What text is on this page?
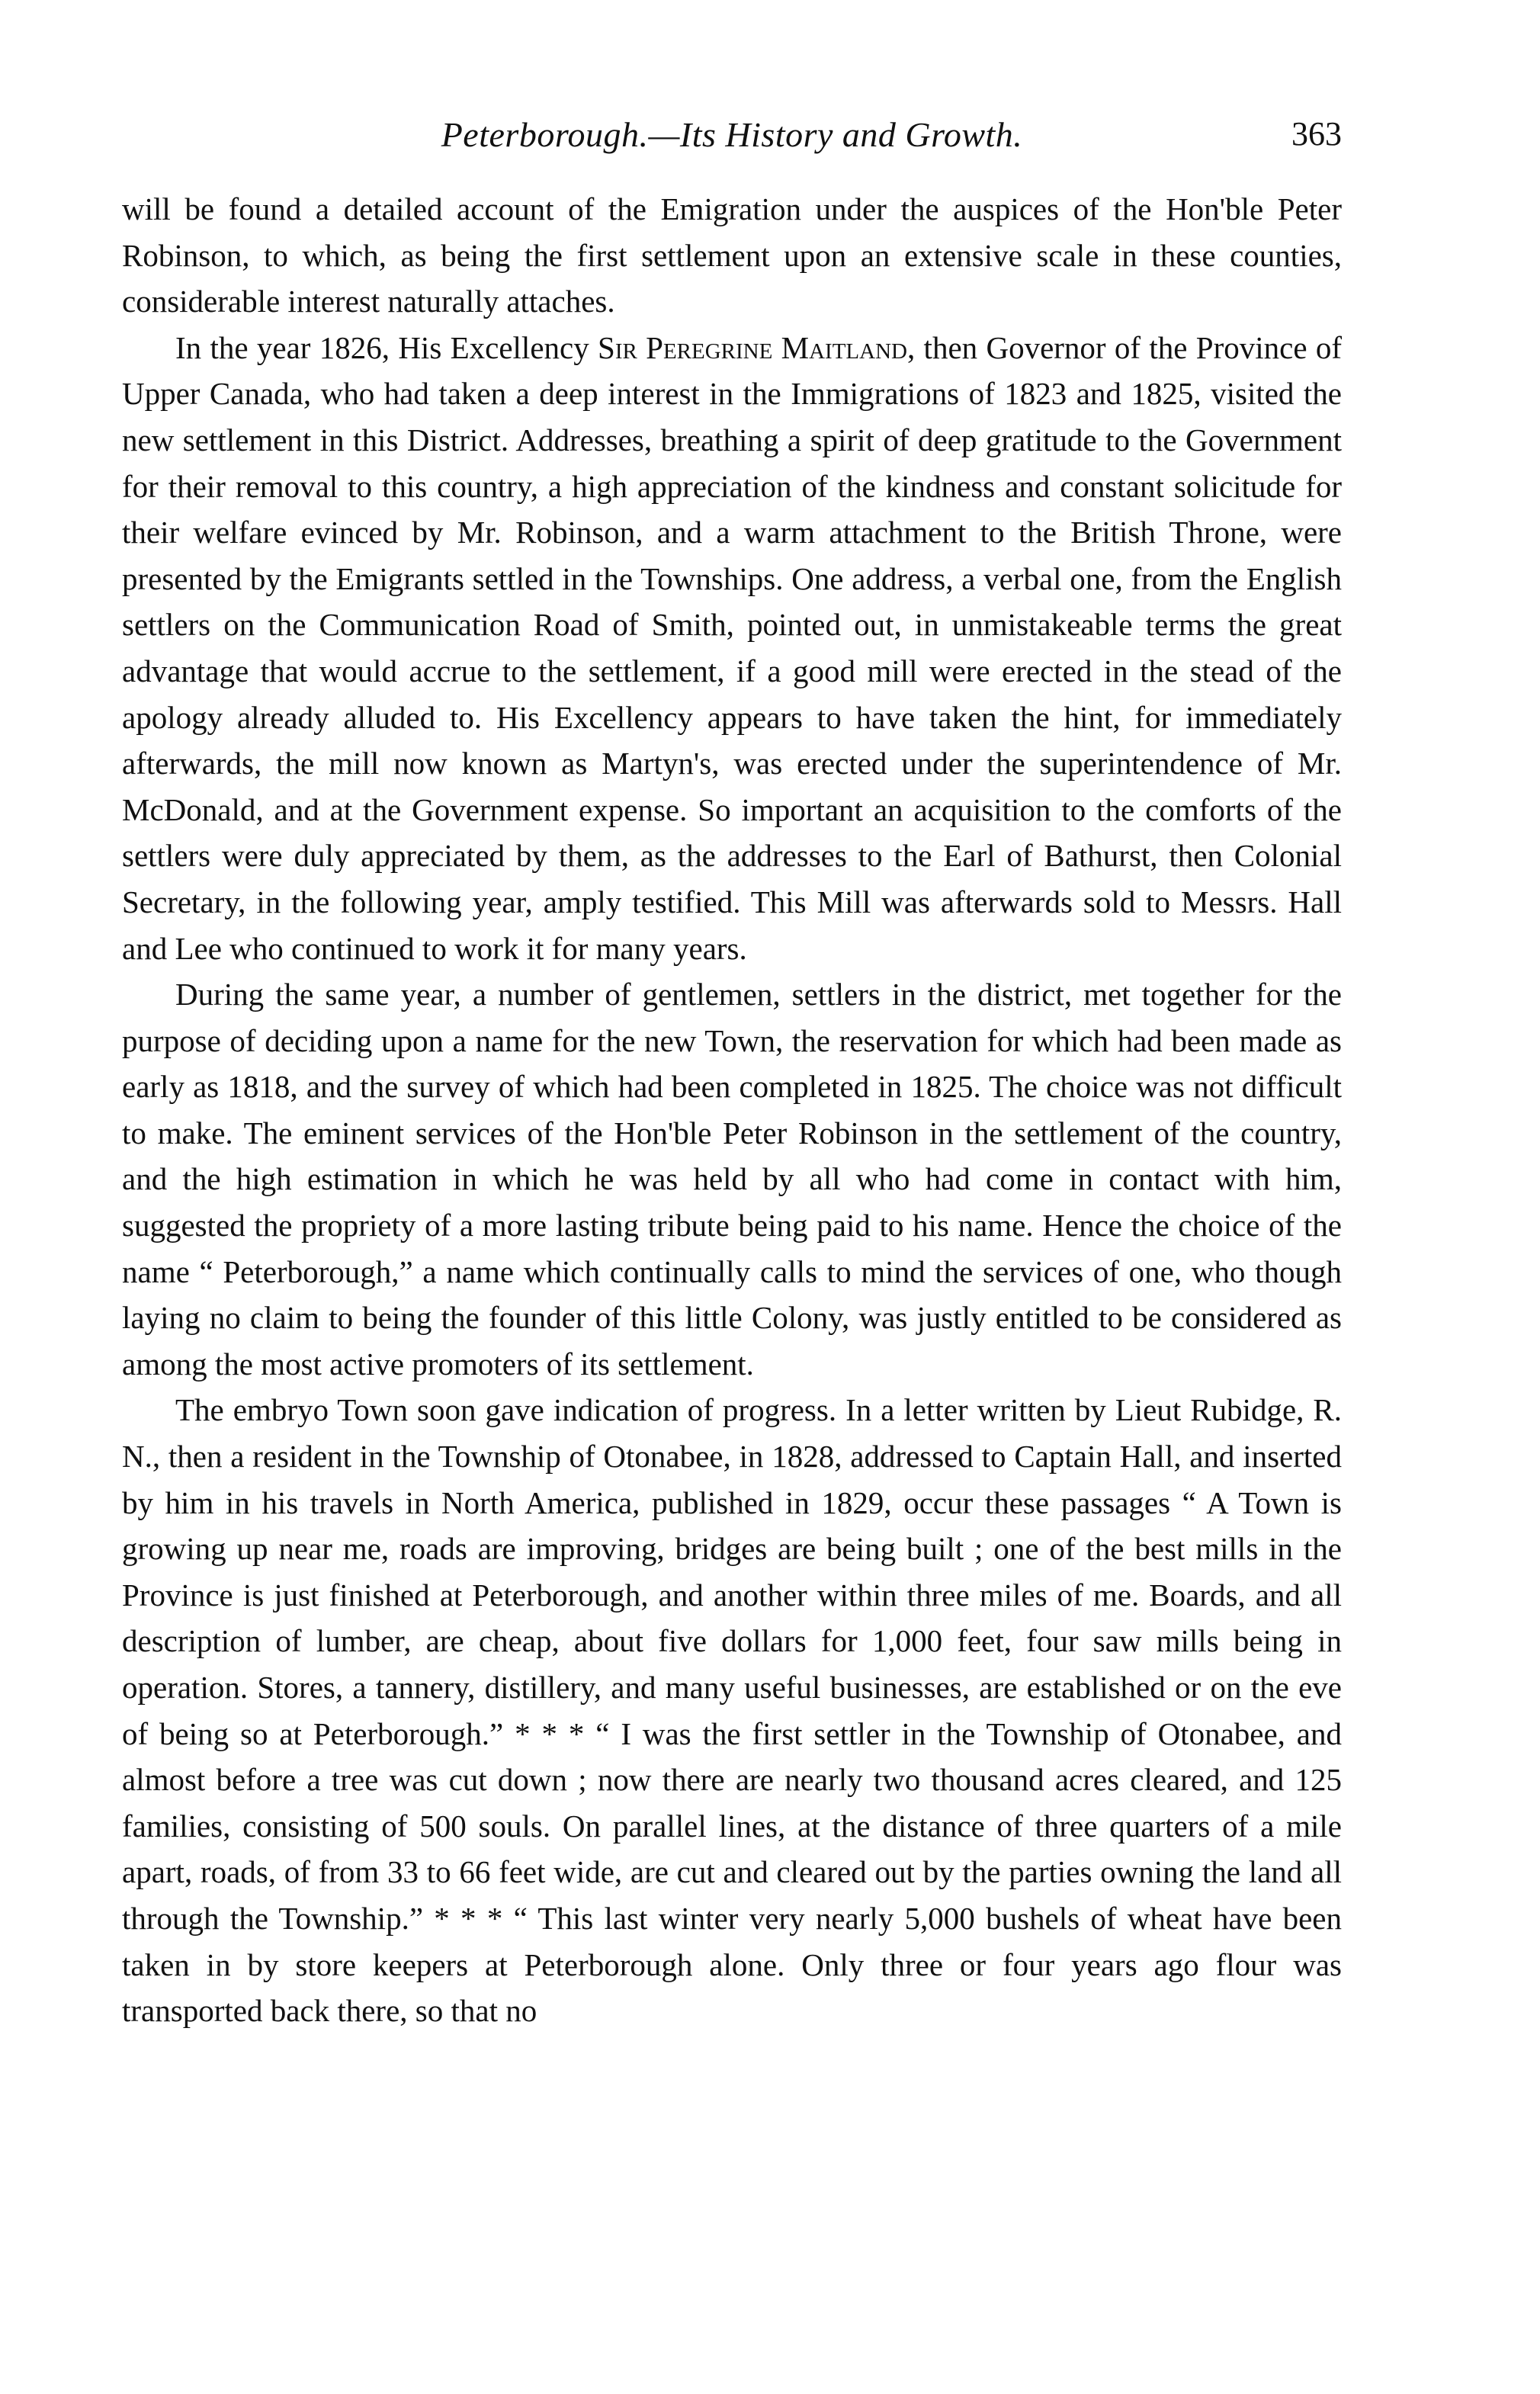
Peterborough.—Its History and Growth.	363

will be found a detailed account of the Emigration under the auspices of the Hon'ble Peter Robinson, to which, as being the first settlement upon an extensive scale in these counties, considerable interest naturally attaches.

In the year 1826, His Excellency Sir Peregrine Maitland, then Governor of the Province of Upper Canada, who had taken a deep interest in the Immigrations of 1823 and 1825, visited the new settlement in this District. Addresses, breathing a spirit of deep gratitude to the Government for their removal to this country, a high appreciation of the kindness and constant solicitude for their welfare evinced by Mr. Robinson, and a warm attachment to the British Throne, were presented by the Emigrants settled in the Townships. One address, a verbal one, from the English settlers on the Communication Road of Smith, pointed out, in unmistakeable terms the great advantage that would accrue to the settlement, if a good mill were erected in the stead of the apology already alluded to. His Excellency appears to have taken the hint, for immediately afterwards, the mill now known as Martyn's, was erected under the superintendence of Mr. McDonald, and at the Government expense. So important an acquisition to the comforts of the settlers were duly appreciated by them, as the addresses to the Earl of Bathurst, then Colonial Secretary, in the following year, amply testified. This Mill was afterwards sold to Messrs. Hall and Lee who continued to work it for many years.

During the same year, a number of gentlemen, settlers in the district, met together for the purpose of deciding upon a name for the new Town, the reservation for which had been made as early as 1818, and the survey of which had been completed in 1825. The choice was not difficult to make. The eminent services of the Hon'ble Peter Robinson in the settlement of the country, and the high estimation in which he was held by all who had come in contact with him, suggested the propriety of a more lasting tribute being paid to his name. Hence the choice of the name “ Peterborough,” a name which continually calls to mind the services of one, who though laying no claim to being the founder of this little Colony, was justly entitled to be considered as among the most active promoters of its settlement.

The embryo Town soon gave indication of progress. In a letter written by Lieut Rubidge, R. N., then a resident in the Township of Otonabee, in 1828, addressed to Captain Hall, and inserted by him in his travels in North America, published in 1829, occur these passages “ A Town is growing up near me, roads are improving, bridges are being built ; one of the best mills in the Province is just finished at Peterborough, and another within three miles of me. Boards, and all description of lumber, are cheap, about five dollars for 1,000 feet, four saw mills being in operation. Stores, a tannery, distillery, and many useful businesses, are established or on the eve of being so at Peterborough.” * * * “ I was the first settler in the Township of Otonabee, and almost before a tree was cut down ; now there are nearly two thousand acres cleared, and 125 families, consisting of 500 souls. On parallel lines, at the distance of three quarters of a mile apart, roads, of from 33 to 66 feet wide, are cut and cleared out by the parties owning the land all through the Township.” * * * “ This last winter very nearly 5,000 bushels of wheat have been taken in by store keepers at Peterborough alone. Only three or four years ago flour was transported back there, so that no
